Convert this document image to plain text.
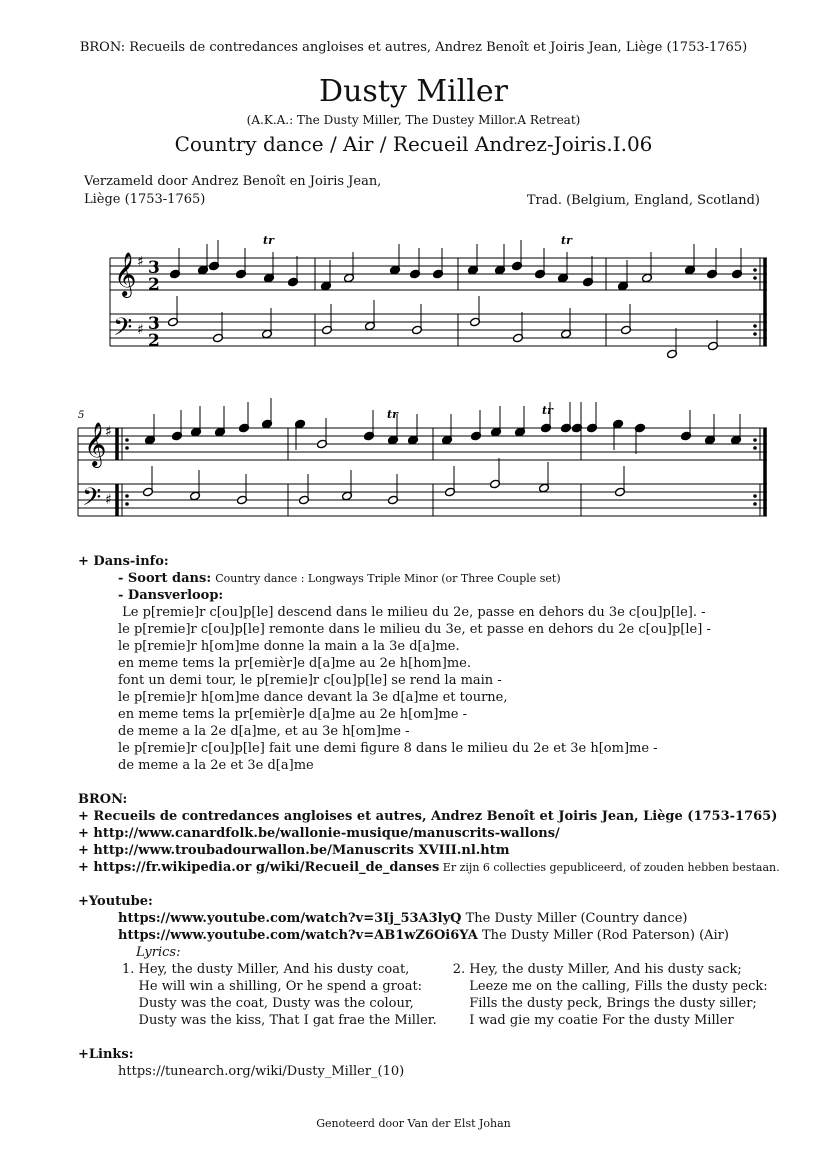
BRON: Recueils de contredances angloises et autres, Andrez Benoît et Joiris Jean, Liège (1753-1765)
Dusty Miller
(A.K.A.: The Dusty Miller, The Dustey Millor.A Retreat)
Country dance / Air / Recueil Andrez-Joiris.I.06
Verzameld door Andrez Benoît en Joiris Jean,
Liège (1753-1765)	Trad. (Belgium, England, Scotland)
𝄞
𝄞
𝄢
𝄢
♯
♯
♯
♯
3
2
3
2
tr	tr
tr	tr
5
+ Dans-info:
- Soort dans: Country dance : Longways Triple Minor (or Three Couple set)
- Dansverloop:
Le p[remie]r c[ou]p[le] descend dans le milieu du 2e, passe en dehors du 3e c[ou]p[le]. -
le p[remie]r c[ou]p[le] remonte dans le milieu du 3e, et passe en dehors du 2e c[ou]p[le] -
le p[remie]r h[om]me donne la main a la 3e d[a]me.
en meme tems la pr[emièr]e d[a]me au 2e h[hom]me.
font un demi tour, le p[remie]r c[ou]p[le] se rend la main -
le p[remie]r h[om]me dance devant la 3e d[a]me et tourne,
en meme tems la pr[emièr]e d[a]me au 2e h[om]me -
de meme a la 2e d[a]me, et au 3e h[om]me -
le p[remie]r c[ou]p[le] fait une demi figure 8 dans le milieu du 2e et 3e h[om]me -
de meme a la 2e et 3e d[a]me
BRON:
+ Recueils de contredances angloises et autres, Andrez Benoît et Joiris Jean, Liège (1753-1765)
+ http://www.canardfolk.be/wallonie-musique/manuscrits-wallons/
+ http://www.troubadourwallon.be/Manuscrits XVIII.nl.htm
+ https://fr.wikipedia.or g/wiki/Recueil_de_danses Er zijn 6 collecties gepubliceerd, of zouden hebben bestaan.
+Youtube:
https://www.youtube.com/watch?v=3Ij_53A3lyQ The Dusty Miller (Country dance)
https://www.youtube.com/watch?v=AB1wZ6Oi6YA The Dusty Miller (Rod Paterson) (Air)
Lyrics:
1. Hey, the dusty Miller, And his dusty coat,
He will win a shilling, Or he spend a groat:
Dusty was the coat, Dusty was the colour,
Dusty was the kiss, That I gat frae the Miller.
2. Hey, the dusty Miller, And his dusty sack;
Leeze me on the calling, Fills the dusty peck:
Fills the dusty peck, Brings the dusty siller;
I wad gie my coatie For the dusty Miller
+Links:
https://tunearch.org/wiki/Dusty_Miller_(10)
Genoteerd door Van der Elst Johan
